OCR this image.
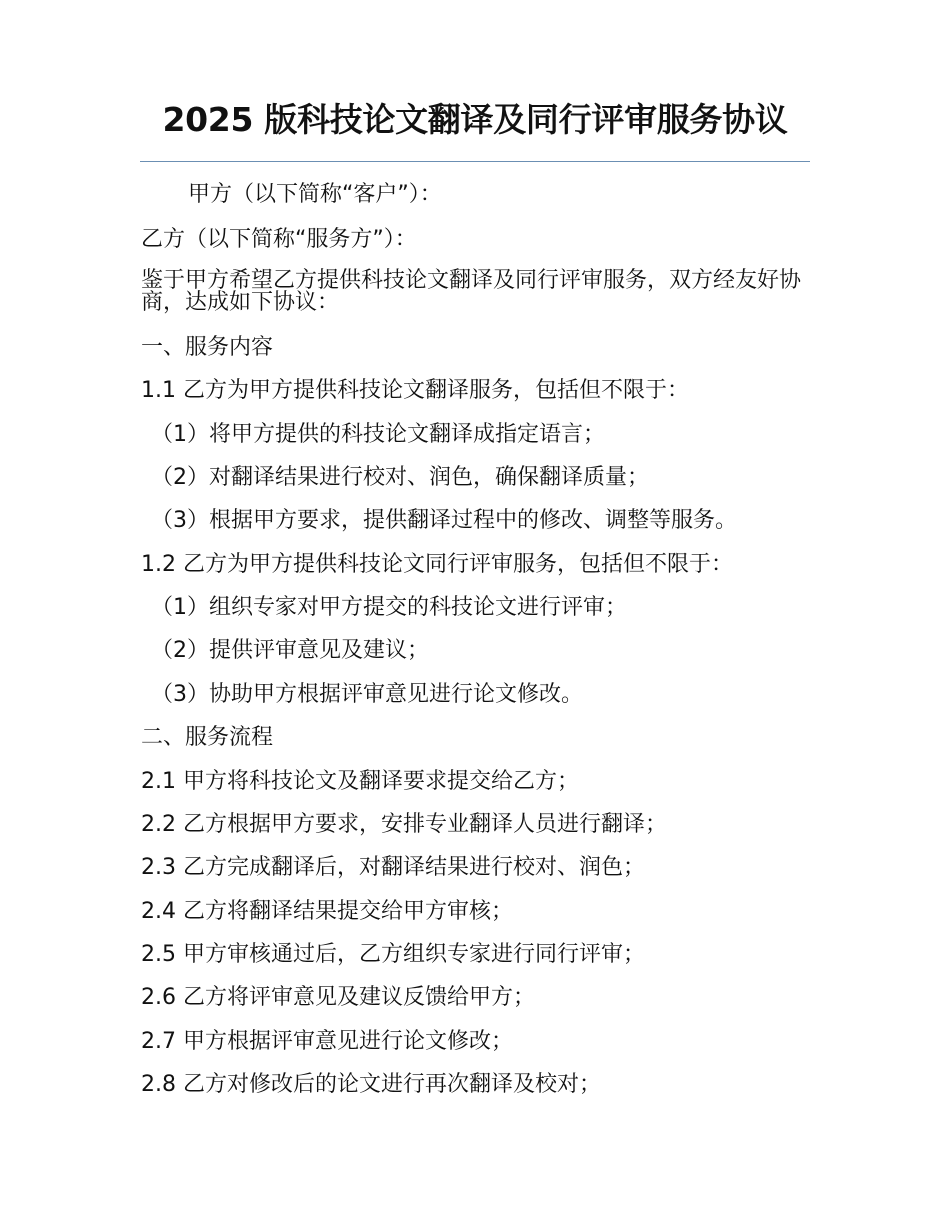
2025 版科技论文翻译及同行评审服务协议
甲方（以下简称“客户”）：
乙方（以下简称“服务方”）：
鉴于甲方希望乙方提供科技论文翻译及同行评审服务，双方经友好协商，达成如下协议：
一、服务内容
1.1 乙方为甲方提供科技论文翻译服务，包括但不限于：
（1）将甲方提供的科技论文翻译成指定语言；
（2）对翻译结果进行校对、润色，确保翻译质量；
（3）根据甲方要求，提供翻译过程中的修改、调整等服务。
1.2 乙方为甲方提供科技论文同行评审服务，包括但不限于：
（1）组织专家对甲方提交的科技论文进行评审；
（2）提供评审意见及建议；
（3）协助甲方根据评审意见进行论文修改。
二、服务流程
2.1 甲方将科技论文及翻译要求提交给乙方；
2.2 乙方根据甲方要求，安排专业翻译人员进行翻译；
2.3 乙方完成翻译后，对翻译结果进行校对、润色；
2.4 乙方将翻译结果提交给甲方审核；
2.5 甲方审核通过后，乙方组织专家进行同行评审；
2.6 乙方将评审意见及建议反馈给甲方；
2.7 甲方根据评审意见进行论文修改；
2.8 乙方对修改后的论文进行再次翻译及校对；
